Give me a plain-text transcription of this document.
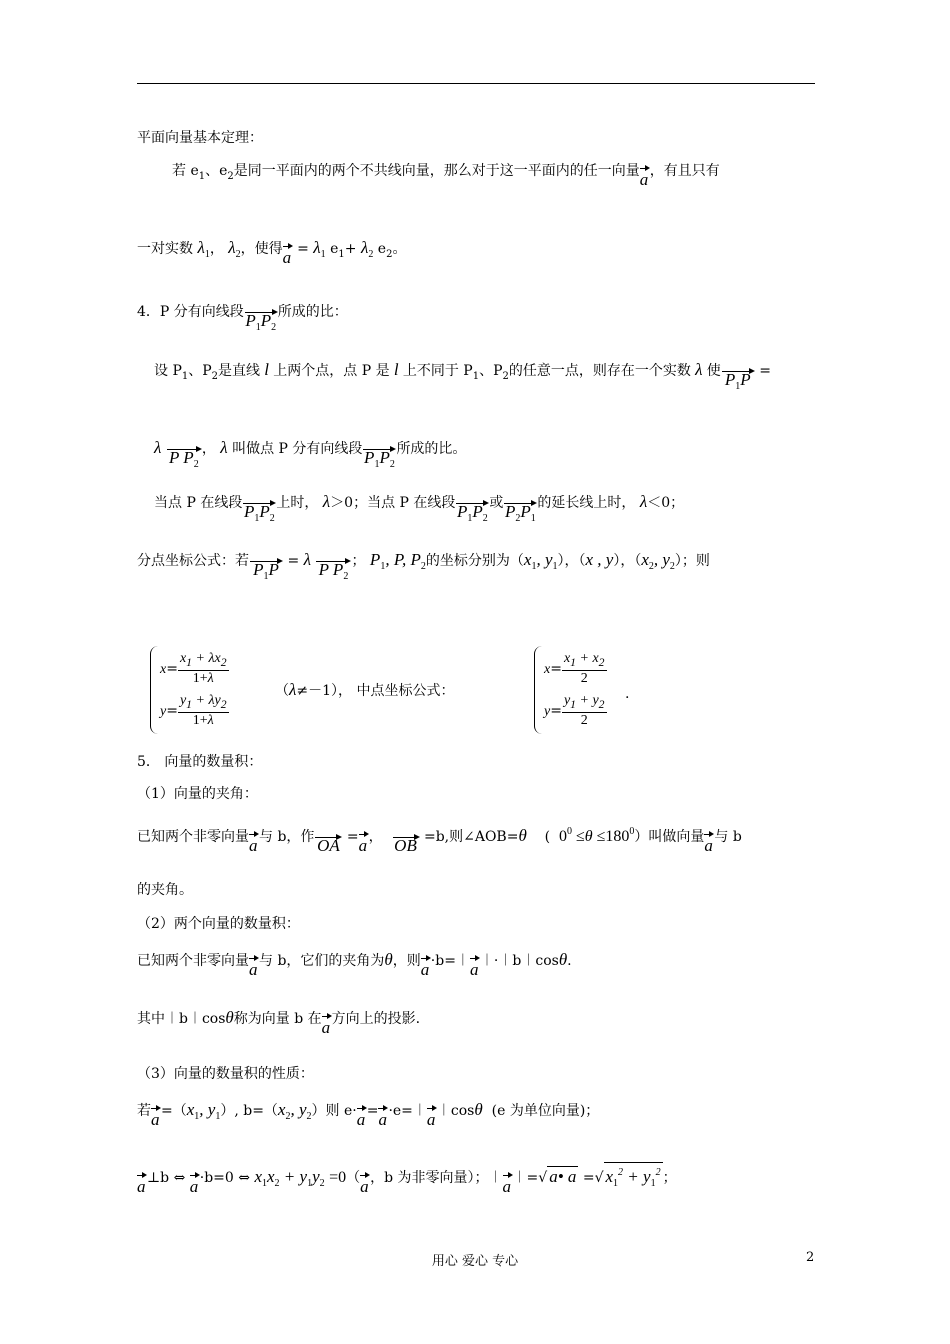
平面向量基本定理：
若 $e_1$、$e_2$是同一平面内的两个不共线向量，那么对于这一平面内的任一向量 a ，有且只有
一对实数 $\lambda_1$， $\lambda_2$，使得 $a = \lambda_1$ $e_1+ \lambda_2$ $e_2$。
4．P 分有向线段
$P_1P_2$所成的比：
设 $P_1$、$P_2$是直线 l 上两个点，点 P 是 l 上不同于 $P_1$、$P_2$的任意一点，则存在一个实数 λ 使 $P_1P$ =
λ
P $P_2$， λ 叫做点 P 分有向线段
$P_1P_2$所成的比。
当点 P 在线段
$P_1P_2$上时， λ＞0；当点 P 在线段
$P_1P_2$或
$P_2P_1$的延长线上时， λ＜0；
分点坐标公式：若 $P_1P = \lambda$
P $P_2$； $P_1$, P, $P_2$的坐标分别为（$x_1$, $y_1$），（x , y），（$x_2$, $y_2$）；则
$x= \frac{x_1 + \lambda x_2}{1+\lambda}$
$y= \frac{y_1 + \lambda y_2}{1+\lambda}$
（λ≠－1）， 中点坐标公式：
$x= \frac{x_1 + x_2}{2}$
$y= \frac{y_1 + y_2}{2}$ .
5． 向量的数量积：
（1）向量的夹角：
已知两个非零向量 a 与 b，作 OA = a ，
OB =b,则∠AOB=θ    (  $0^0 \le\theta \le 180^0$）叫做向量 a 与 b
的夹角。
（2）两个向量的数量积：
已知两个非零向量 a 与 b，它们的夹角为θ，则 a ·b=︱ a ︱·︱b︱cosθ.
其中︱b︱cosθ称为向量 b 在 a 方向上的投影.
（3）向量的数量积的性质：
若 $a =(x_1$, $y_1$）, $b=(x_2$, $y_2$）则 e· a = a ·e=︱ a ︱cosθ (e 为单位向量)；
a ⊥b ⇔ a ·b=0 ⇔ $x_1x_2 + y_1y_2 =0$（ a ，b 为非零向量）；︱ a ︱=√ a• a =√ $x_1^2 + y_1^2$ ；
用心 爱心 专心	2
